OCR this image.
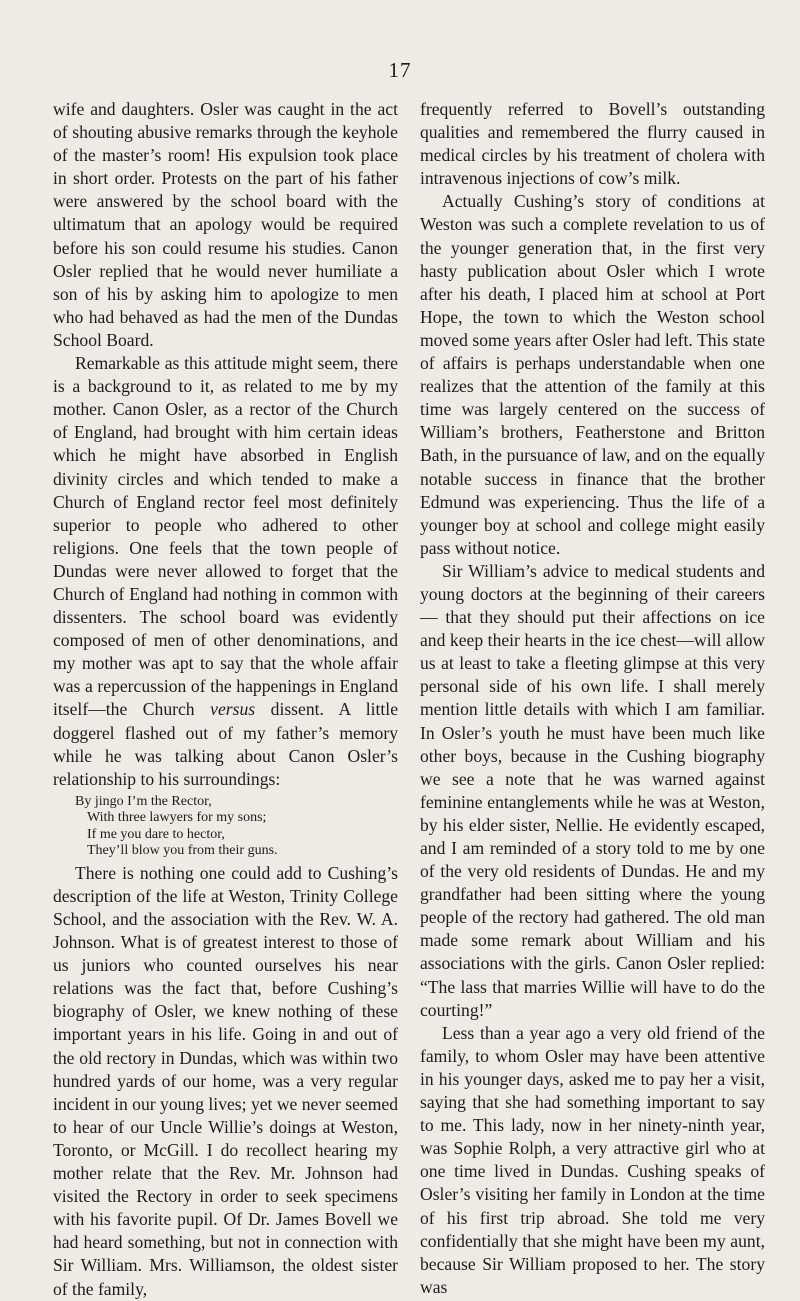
17

wife and daughters. Osler was caught in the act of shouting abusive remarks through the keyhole of the master’s room! His expulsion took place in short order. Protests on the part of his father were answered by the school board with the ultimatum that an apology would be required before his son could resume his studies. Canon Osler replied that he would never humiliate a son of his by asking him to apologize to men who had behaved as had the men of the Dundas School Board.

Remarkable as this attitude might seem, there is a background to it, as related to me by my mother. Canon Osler, as a rector of the Church of England, had brought with him certain ideas which he might have absorbed in English divinity circles and which tended to make a Church of England rector feel most definitely superior to people who adhered to other religions. One feels that the town people of Dundas were never allowed to forget that the Church of England had nothing in common with dissenters. The school board was evidently composed of men of other denominations, and my mother was apt to say that the whole affair was a repercussion of the happenings in England itself—the Church versus dissent. A little doggerel flashed out of my father’s memory while he was talking about Canon Osler’s relationship to his surroundings:

By jingo I’m the Rector,
With three lawyers for my sons;
If me you dare to hector,
They’ll blow you from their guns.

There is nothing one could add to Cushing’s description of the life at Weston, Trinity College School, and the association with the Rev. W. A. Johnson. What is of greatest interest to those of us juniors who counted ourselves his near relations was the fact that, before Cushing’s biography of Osler, we knew nothing of these important years in his life. Going in and out of the old rectory in Dundas, which was within two hundred yards of our home, was a very regular incident in our young lives; yet we never seemed to hear of our Uncle Willie’s doings at Weston, Toronto, or McGill. I do recollect hearing my mother relate that the Rev. Mr. Johnson had visited the Rectory in order to seek specimens with his favorite pupil. Of Dr. James Bovell we had heard something, but not in connection with Sir William. Mrs. Williamson, the oldest sister of the family,

frequently referred to Bovell’s outstanding qualities and remembered the flurry caused in medical circles by his treatment of cholera with intravenous injections of cow’s milk.

Actually Cushing’s story of conditions at Weston was such a complete revelation to us of the younger generation that, in the first very hasty publication about Osler which I wrote after his death, I placed him at school at Port Hope, the town to which the Weston school moved some years after Osler had left. This state of affairs is perhaps understandable when one realizes that the attention of the family at this time was largely centered on the success of William’s brothers, Featherstone and Britton Bath, in the pursuance of law, and on the equally notable success in finance that the brother Edmund was experiencing. Thus the life of a younger boy at school and college might easily pass without notice.

Sir William’s advice to medical students and young doctors at the beginning of their careers — that they should put their affections on ice and keep their hearts in the ice chest—will allow us at least to take a fleeting glimpse at this very personal side of his own life. I shall merely mention little details with which I am familiar. In Osler’s youth he must have been much like other boys, because in the Cushing biography we see a note that he was warned against feminine entanglements while he was at Weston, by his elder sister, Nellie. He evidently escaped, and I am reminded of a story told to me by one of the very old residents of Dundas. He and my grandfather had been sitting where the young people of the rectory had gathered. The old man made some remark about William and his associations with the girls. Canon Osler replied: “The lass that marries Willie will have to do the courting!”

Less than a year ago a very old friend of the family, to whom Osler may have been attentive in his younger days, asked me to pay her a visit, saying that she had something important to say to me. This lady, now in her ninety-ninth year, was Sophie Rolph, a very attractive girl who at one time lived in Dundas. Cushing speaks of Osler’s visiting her family in London at the time of his first trip abroad. She told me very confidentially that she might have been my aunt, because Sir William proposed to her. The story was
